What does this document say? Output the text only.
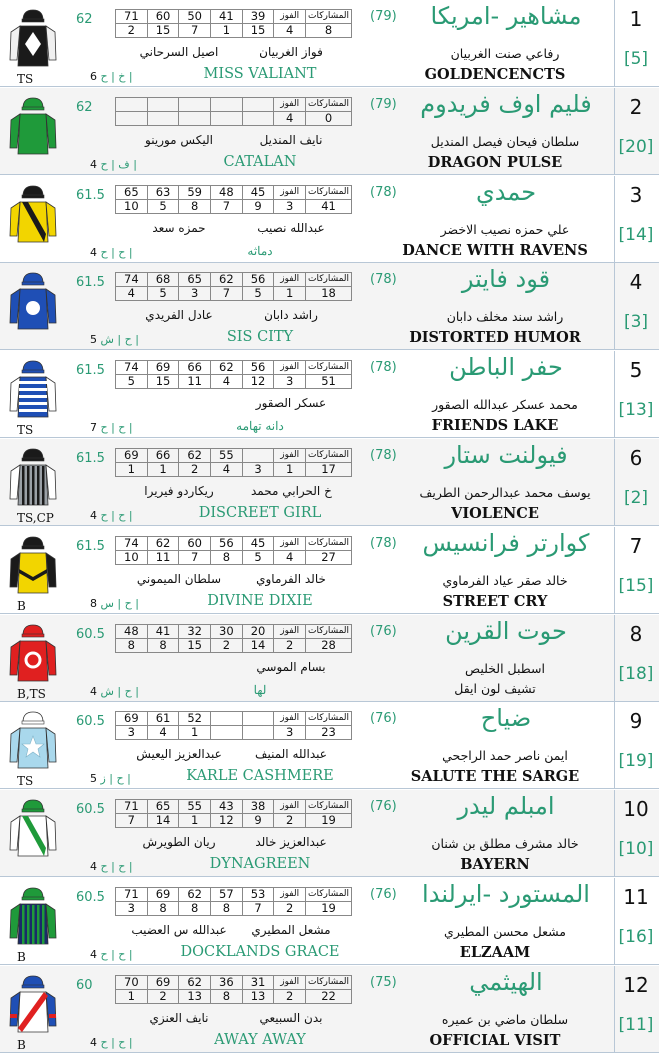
TS
62	71	60	50	41	39	الفوز	المشاركات
2	15	7	1	15	4	8
فواز الغربيان
اصيل السرحاني
(79)	مشاهير -امريكا
رفاعي صنت الغربيان
1
[5]
GOLDENCENCTS
MISS VALIANT
6 خ | ح |
62
						الفوز	المشاركات
					4	0
نايف المنديل
اليكس مورينو
(79) فليم اوف فريدوم
سلطان فيحان فيصل المنديل
2
[20]
DRAGON PULSE
CATALAN
4 ف | ح |
61.5 65	63	59	48	45	الفوز	المشاركات
10	5	8	7	9	3	41
عبدالله نصيب
حمزه سعد
(78)	حمدي
علي حمزه نصيب الاخضر
3
[14]
DANCE WITH RAVENS
دماثه
4 ح | ح |
61.5 74	68	65	62	56	الفوز	المشاركات
4	5	3	7	5	1	18
راشد دابان
عادل الفريدي
(78)	قود فايتر
راشد سند مخلف دابان
4
[3]
DISTORTED HUMOR
SIS CITY
5 ح | ش |
TS
61.5 74	69	66	62	56	الفوز	المشاركات
5	15	11	4	12	3	51
عسكر الصقور
(78)	حفر الباطن
محمد عسكر عبدالله الصقور
5
[13]
FRIENDS LAKE
دانه تهامه
7 ح | ح |
TS,CP
61.5 69	66	62	55		الفوز	المشاركات
1	1	2	4	3	1	17
خ الحرابي محمد
ريكاردو فيريرا
(78)	فيولنت ستار
يوسف محمد عبدالرحمن الطريف
6
[2]
VIOLENCE
DISCREET GIRL
4 ح | ح |
B
61.5 74	62	60	56	45	الفوز	المشاركات
10	11	7	8	5	4	27
خالد الفرماوي
سلطان الميموني
(78)	كوارتر فرانسيس
خالد صقر عياد الفرماوي
7
[15]
STREET CRY
DIVINE DIXIE
8 ح | س |
B,TS
60.5 48	41	32	30	20	الفوز	المشاركات
8	8	15	2	14	2	28
بسام الموسي
(76)	حوت القرين
اسطبل الخليص
8
[18]
تشيف لون ايقل
لها
4 ح | ش |
TS
60.5 69	61	52			الفوز	المشاركات
3	4	1			3	23
عبدالله المنيف
عبدالعزيز اليعيش
(76)	ضياح
ايمن ناصر حمد الراجحي
9
[19]
SALUTE THE SARGE
KARLE CASHMERE
5 ح | ز |
60.5 71	65	55	43	38	الفوز	المشاركات
7	14	1	12	9	2	19
عبدالعزيز خالد
ريان الطويرش
(76)	امبلم ليدر
خالد مشرف مطلق بن شنان
10
[10]
BAYERN
DYNAGREEN
4 ح | ح |
B
60.5 71	69	62	57	53	الفوز	المشاركات
3	8	8	8	7	2	19
مشعل المطيري
عبدالله س العضيب
(76)	المستورد -ايرلندا
مشعل محسن المطيري
11
[16]
ELZAAM
DOCKLANDS GRACE
4 ح | ح |
B
60	70	69	62	36	31	الفوز	المشاركات
1	2	13	8	13	2	22
بدن السبيعي
نايف العنزي
(75)	الهيثمي
سلطان ماضي بن عميره
12
[11]
OFFICIAL VISIT
AWAY AWAY
4 ح | ح |
